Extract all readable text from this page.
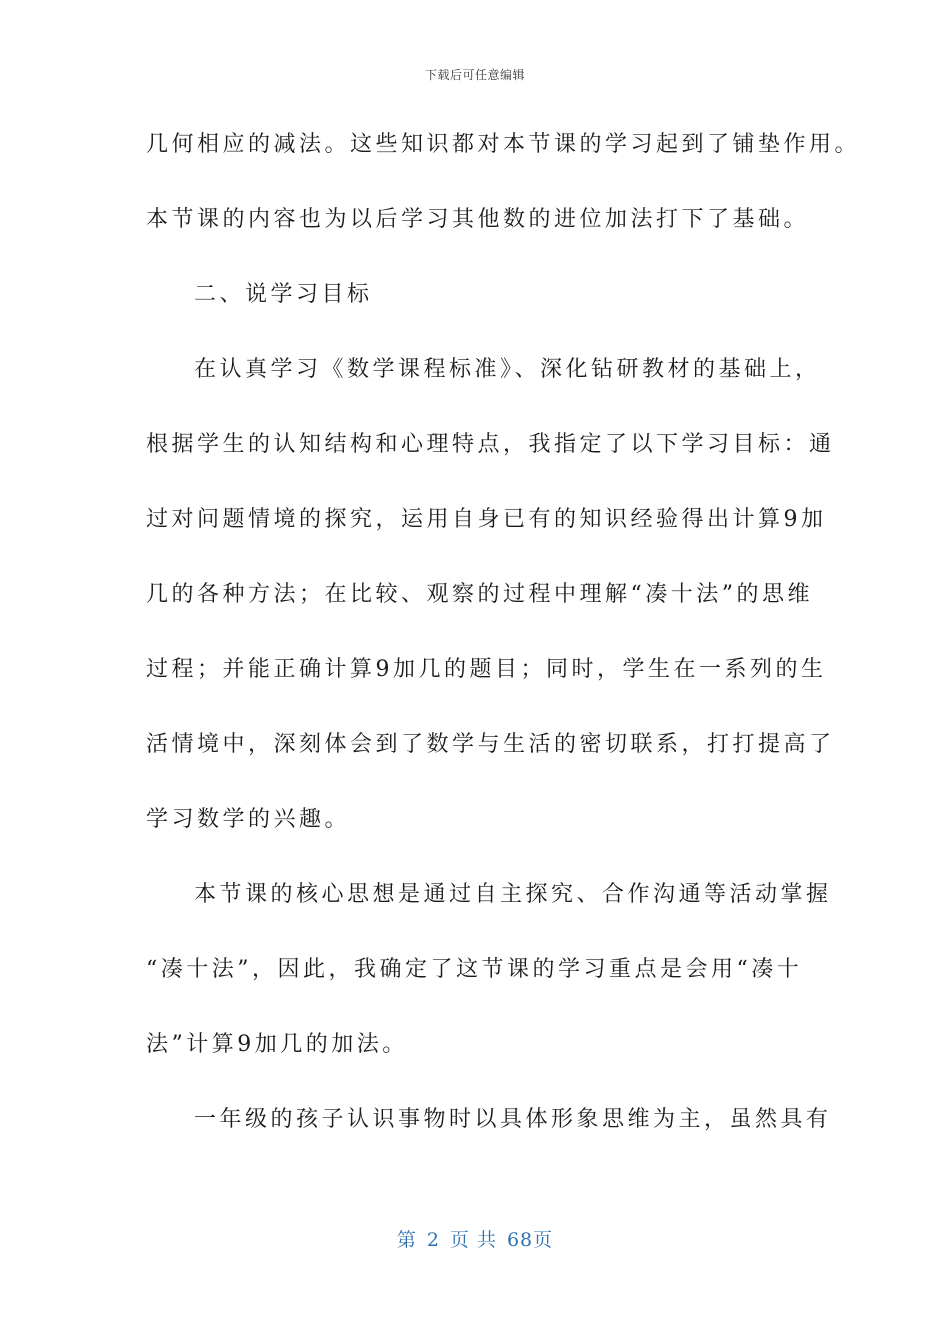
下载后可任意编辑
几何相应的减法。这些知识都对本节课的学习起到了铺垫作用。
本节课的内容也为以后学习其他数的进位加法打下了基础。
二、说学习目标
在认真学习《数学课程标准》、深化钻研教材的基础上，
根据学生的认知结构和心理特点，我指定了以下学习目标：通
过对问题情境的探究，运用自身已有的知识经验得出计算9加
几的各种方法；在比较、观察的过程中理解“凑十法”的思维
过程；并能正确计算9加几的题目；同时，学生在一系列的生
活情境中，深刻体会到了数学与生活的密切联系，打打提高了
学习数学的兴趣。
本节课的核心思想是通过自主探究、合作沟通等活动掌握
“凑十法”，因此，我确定了这节课的学习重点是会用“凑十
法”计算9加几的加法。
一年级的孩子认识事物时以具体形象思维为主，虽然具有
第 2 页 共 68页
